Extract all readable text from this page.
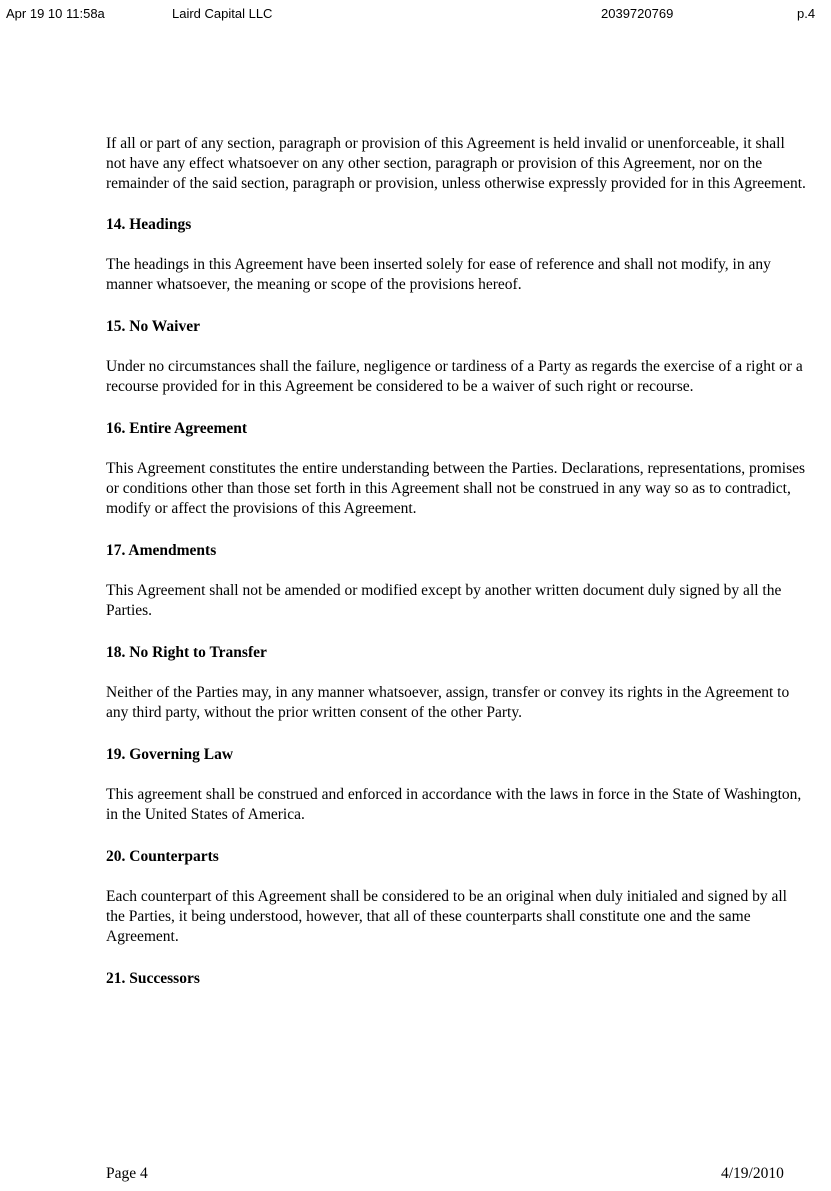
Apr 19 10 11:58a	Laird Capital LLC	2039720769	p.4

If all or part of any section, paragraph or provision of this Agreement is held invalid or unenforceable, it shall not have any effect whatsoever on any other section, paragraph or provision of this Agreement, nor on the remainder of the said section, paragraph or provision, unless otherwise expressly provided for in this Agreement.

14. Headings

The headings in this Agreement have been inserted solely for ease of reference and shall not modify, in any manner whatsoever, the meaning or scope of the provisions hereof.

15. No Waiver

Under no circumstances shall the failure, negligence or tardiness of a Party as regards the exercise of a right or a recourse provided for in this Agreement be considered to be a waiver of such right or recourse.

16. Entire Agreement

This Agreement constitutes the entire understanding between the Parties. Declarations, representations, promises or conditions other than those set forth in this Agreement shall not be construed in any way so as to contradict, modify or affect the provisions of this Agreement.

17. Amendments

This Agreement shall not be amended or modified except by another written document duly signed by all the Parties.

18. No Right to Transfer

Neither of the Parties may, in any manner whatsoever, assign, transfer or convey its rights in the Agreement to any third party, without the prior written consent of the other Party.

19. Governing Law

This agreement shall be construed and enforced in accordance with the laws in force in the State of Washington, in the United States of America.

20. Counterparts

Each counterpart of this Agreement shall be considered to be an original when duly initialed and signed by all the Parties, it being understood, however, that all of these counterparts shall constitute one and the same Agreement.

21. Successors
Page 4	4/19/2010
